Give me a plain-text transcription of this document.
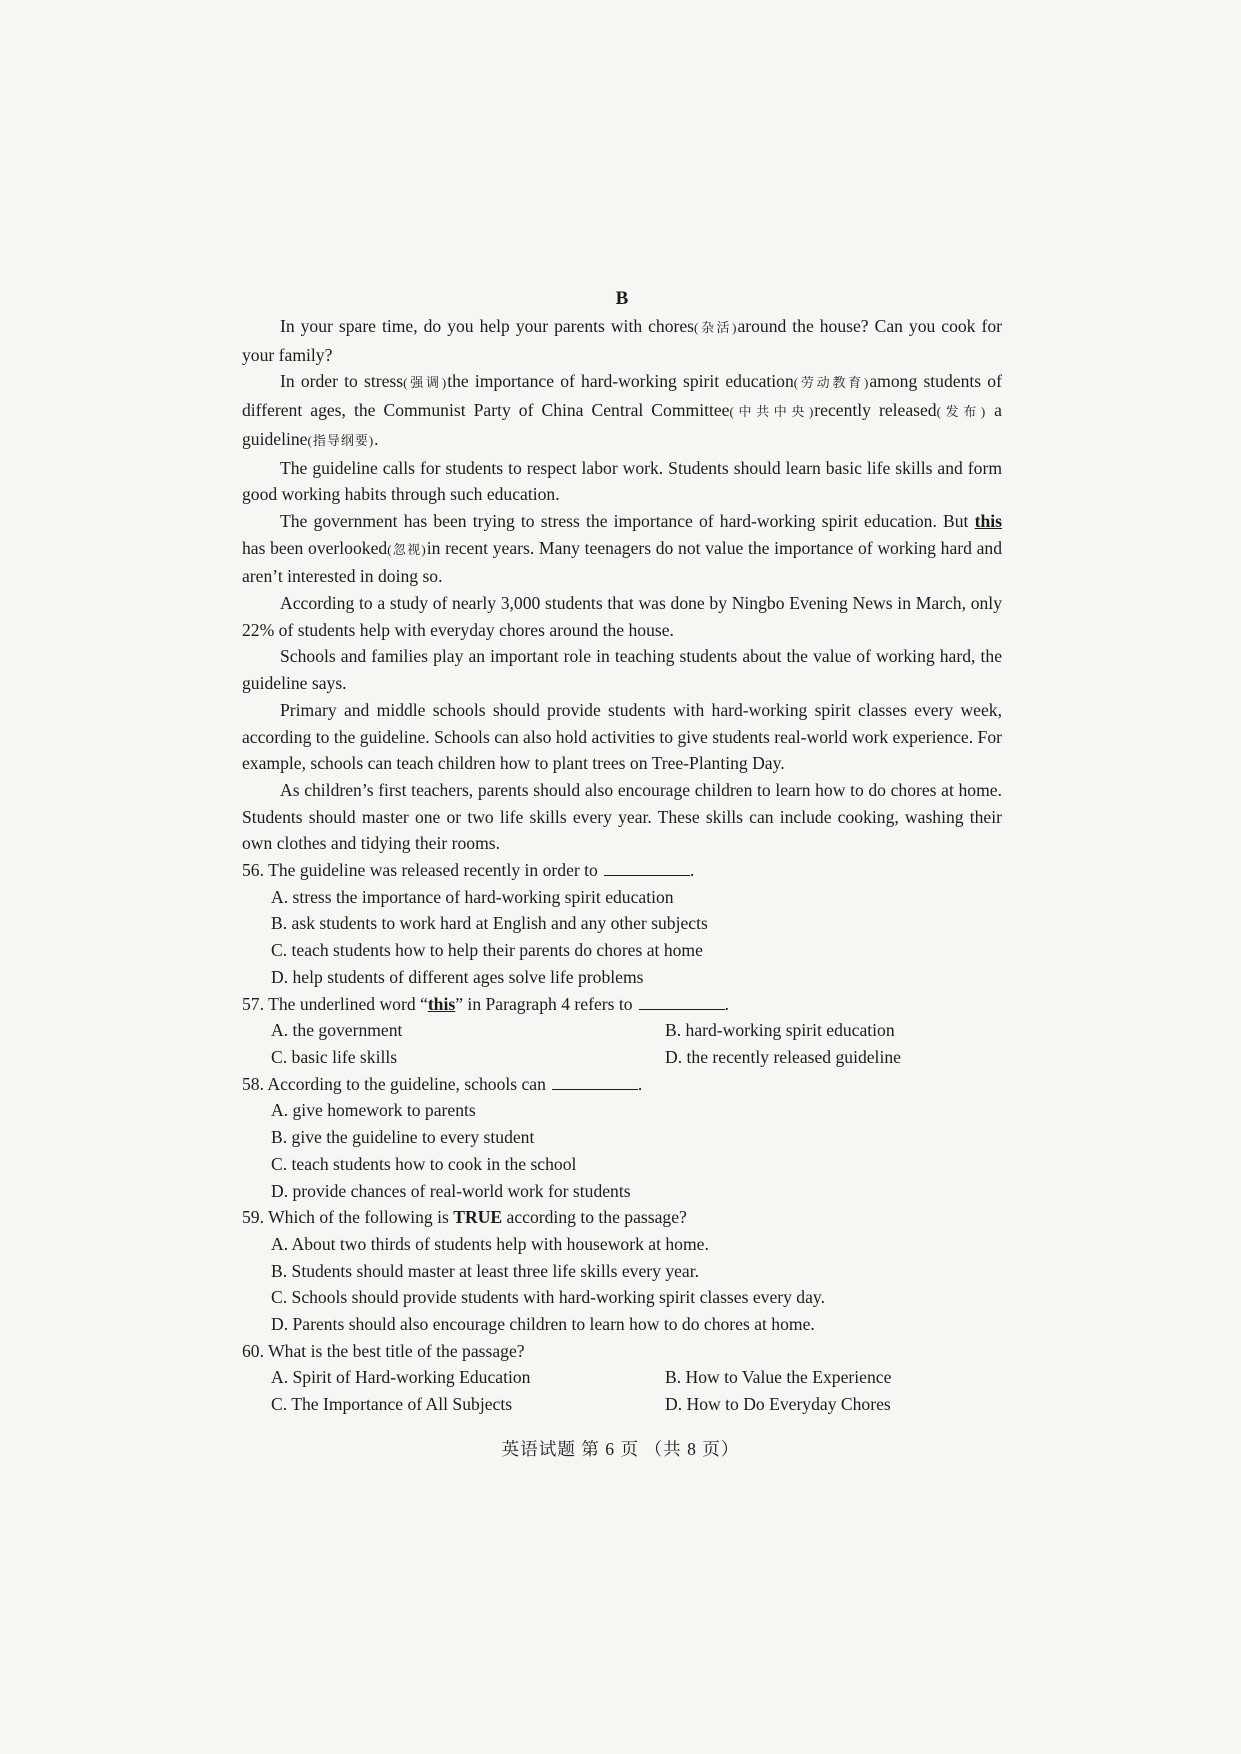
B

In your spare time, do you help your parents with chores(杂活)around the house? Can you cook for your family?

In order to stress(强调)the importance of hard-working spirit education(劳动教育)among students of different ages, the Communist Party of China Central Committee(中共中央)recently released(发布) a guideline(指导纲要).

The guideline calls for students to respect labor work. Students should learn basic life skills and form good working habits through such education.

The government has been trying to stress the importance of hard-working spirit education. But this has been overlooked(忽视)in recent years. Many teenagers do not value the importance of working hard and aren’t interested in doing so.

According to a study of nearly 3,000 students that was done by Ningbo Evening News in March, only 22% of students help with everyday chores around the house.

Schools and families play an important role in teaching students about the value of working hard, the guideline says.

Primary and middle schools should provide students with hard-working spirit classes every week, according to the guideline. Schools can also hold activities to give students real-world work experience. For example, schools can teach children how to plant trees on Tree-Planting Day.

As children’s first teachers, parents should also encourage children to learn how to do chores at home. Students should master one or two life skills every year. These skills can include cooking, washing their own clothes and tidying their rooms.

56. The guideline was released recently in order to	.

A. stress the importance of hard-working spirit education

B. ask students to work hard at English and any other subjects

C. teach students how to help their parents do chores at home

D. help students of different ages solve life problems

57. The underlined word “this” in Paragraph 4 refers to	.

A. the government	B. hard-working spirit education
C. basic life skills	D. the recently released guideline

58. According to the guideline, schools can	.

A. give homework to parents

B. give the guideline to every student

C. teach students how to cook in the school

D. provide chances of real-world work for students

59. Which of the following is TRUE according to the passage?

A. About two thirds of students help with housework at home.

B. Students should master at least three life skills every year.

C. Schools should provide students with hard-working spirit classes every day.

D. Parents should also encourage children to learn how to do chores at home.

60. What is the best title of the passage?

A. Spirit of Hard-working Education	B. How to Value the Experience
C. The Importance of All Subjects	D. How to Do Everyday Chores
英语试题 第 6 页 （共 8 页）
